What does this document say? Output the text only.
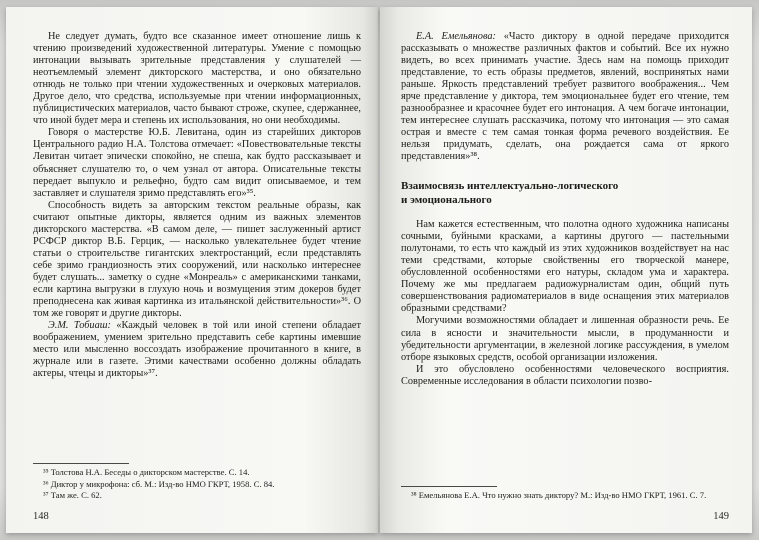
Не следует думать, будто все сказанное имеет отношение лишь к чтению произведений художественной литературы. Умение с помощью интонации вызывать зрительные представления у слушателей — неотъемлемый элемент дикторского мастерства, и оно обязательно отнюдь не только при чтении художественных и очерковых материалов. Другое дело, что средства, используемые при чтении информационных, публицистических материалов, часто бывают строже, скупее, сдержаннее, что иной будет мера и степень их использования, но они необходимы.

Говоря о мастерстве Ю.Б. Левитана, один из старейших дикторов Центрального радио Н.А. Толстова отмечает: «Повествовательные тексты Левитан читает эпически спокойно, не спеша, как будто рассказывает и объясняет слушателю то, о чем узнал от автора. Описательные тексты передает выпукло и рельефно, будто сам видит описываемое, и тем заставляет и слушателя зримо представлять его»³⁵.

Способность видеть за авторским текстом реальные образы, как считают опытные дикторы, является одним из важных элементов дикторского мастерства. «В самом деле, — пишет заслуженный артист РСФСР диктор В.Б. Герцик, — насколько увлекательнее будет чтение статьи о строительстве гигантских электростанций, если представлять себе зримо грандиозность этих сооружений, или насколько интереснее будет слушать... заметку о судне «Монреаль» с американскими танками, если картина выгрузки в глухую ночь и возмущения этим докеров будет преподнесена как живая картинка из итальянской действительности»³⁶. О том же говорят и другие дикторы.

Э.М. Тобиаш: «Каждый человек в той или иной степени обладает воображением, умением зрительно представить себе картины имевшие место или мысленно воссоздать изображение прочитанного в книге, в журнале или в газете. Этими качествами особенно должны обладать актеры, чтецы и дикторы»³⁷.

³⁵ Толстова Н.А. Беседы о дикторском мастерстве. С. 14.

³⁶ Диктор у микрофона: сб. М.: Изд-во НМО ГКРТ, 1958. С. 84.

³⁷ Там же. С. 62.

148

Е.А. Емельянова: «Часто диктору в одной передаче приходится рассказывать о множестве различных фактов и событий. Все их нужно видеть, во всех принимать участие. Здесь нам на помощь приходит представление, то есть образы предметов, явлений, воспринятых нами раньше. Яркость представлений требует развитого воображения... Чем ярче представление у диктора, тем эмоциональнее будет его чтение, тем разнообразнее и красочнее будет его интонация. А чем богаче интонации, тем интереснее слушать рассказчика, потому что интонация — это самая острая и вместе с тем самая тонкая форма речевого воздействия. Ее нельзя придумать, сделать, она рождается сама от яркого представления»³⁸.

Взаимосвязь интеллектуально-логического
и эмоционального

Нам кажется естественным, что полотна одного художника написаны сочными, буйными красками, а картины другого — пастельными полутонами, то есть что каждый из этих художников воздействует на нас теми средствами, которые свойственны его творческой манере, обусловленной особенностями его натуры, складом ума и характера. Почему же мы предлагаем радиожурналистам один, общий путь совершенствования радиоматериалов в виде оснащения этих материалов образными средствами?

Могучими возможностями обладает и лишенная образности речь. Ее сила в ясности и значительности мысли, в продуманности и убедительности аргументации, в железной логике рассуждения, в умелом отборе языковых средств, особой организации изложения.

И это обусловлено особенностями человеческого восприятия. Современные исследования в области психологии позво-

³⁸ Емельянова Е.А. Что нужно знать диктору? М.: Изд-во НМО ГКРТ, 1961. С. 7.

149
